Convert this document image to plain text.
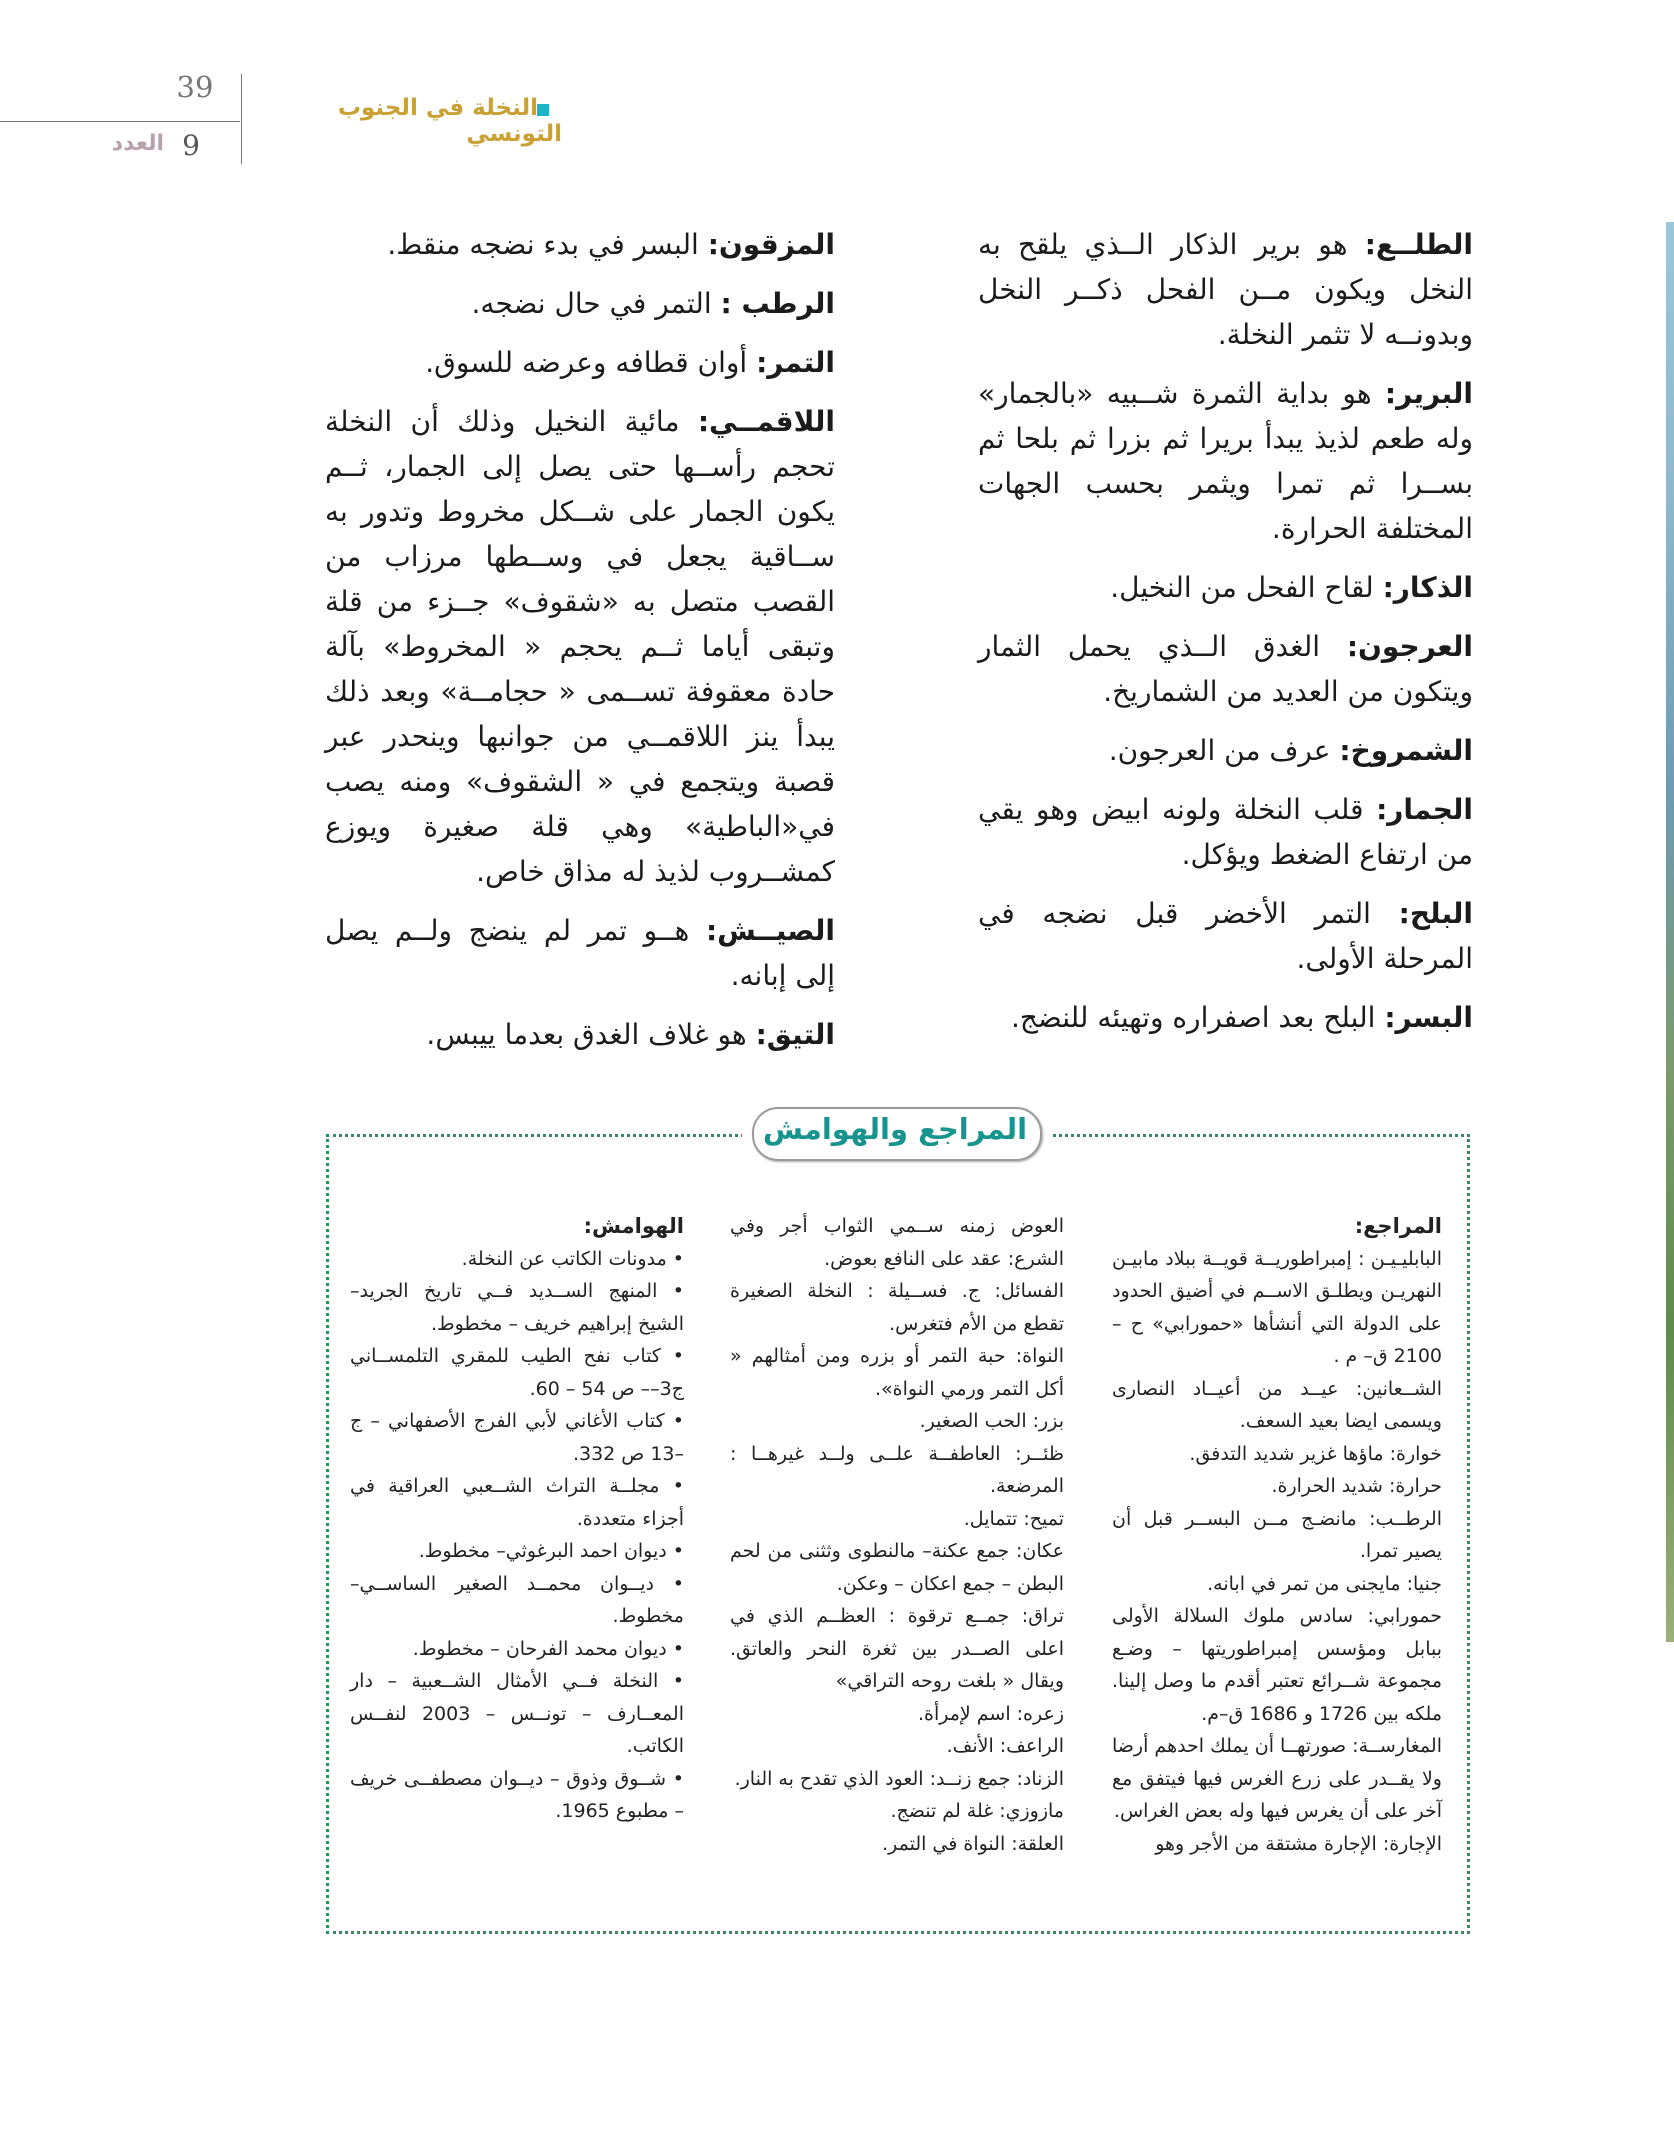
39
9
العدد
النخلة في الجنوب التونسي

الطلــع: هو برير الذكار الــذي يلقح به النخل ويكون مــن الفحل ذكــر النخل وبدونــه لا تثمر النخلة.

البرير: هو بداية الثمرة شــبيه «بالجمار» وله طعم لذيذ يبدأ بريرا ثم بزرا ثم بلحا ثم بســرا ثم تمرا ويثمر بحسب الجهات المختلفة الحرارة.

الذكار: لقاح الفحل من النخيل.

العرجون: الغدق الــذي يحمل الثمار ويتكون من العديد من الشماريخ.

الشمروخ: عرف من العرجون.

الجمار: قلب النخلة ولونه ابيض وهو يقي من ارتفاع الضغط ويؤكل.

البلح: التمر الأخضر قبل نضجه في المرحلة الأولى.

البسر: البلح بعد اصفراره وتهيئه للنضج.

المزقون: البسر في بدء نضجه منقط.

الرطب : التمر في حال نضجه.

التمر: أوان قطافه وعرضه للسوق.

اللاقمــي: مائية النخيل وذلك أن النخلة تحجم رأســها حتى يصل إلى الجمار، ثــم يكون الجمار على شــكل مخروط وتدور به ســاقية يجعل في وســطها مرزاب من القصب متصل به «شقوف» جــزء من قلة وتبقى أياما ثــم يحجم « المخروط» بآلة حادة معقوفة تســمى « حجامــة» وبعد ذلك يبدأ ينز اللاقمــي من جوانبها وينحدر عبر قصبة ويتجمع في « الشقوف» ومنه يصب في«الباطية» وهي قلة صغيرة ويوزع كمشــروب لذيذ له مذاق خاص.

الصيــش: هــو تمر لم ينضج ولــم يصل إلى إبانه.

التيق: هو غلاف الغدق بعدما ييبس.

المراجع والهوامش

المراجع:

البابليـيـن : إمبراطوريــة قويــة ببلاد مابيـن النهريـن ويطلـق الاســم في أضيق الحدود على الدولة التي أنشأها «حمورابي» ح – 2100 ق– م .

الشــعانين: عيــد من أعيــاد النصارى ويسمى ايضا بعيد السعف.

خوارة: ماؤها غزير شديد التدفق.

حرارة: شديد الحرارة.

الرطــب: مانضـج مــن البســر قبل أن يصير تمرا.

جنيا: مايجنى من تمر في ابانه.

حمورابي: سادس ملوك السلالة الأولى ببابل ومؤسس إمبراطوريتها – وضـع مجموعة شــرائع تعتبر أقدم ما وصل إلينا. ملكه بين 1726 و 1686 ق–م.

المغارســة: صورتهــا أن يملك احدهم أرضا ولا يقــدر على زرع الغرس فيها فيتفق مع آخر على أن يغرس فيها وله بعض الغراس.

الإجارة: الإجارة مشتقة من الأجر وهو

العوض زمنه ســمي الثواب أجر وفي الشرع: عقد على النافع بعوض.

الفسائل: ج. فســيلة : النخلة الصغيرة تقطع من الأم فتغرس.

النواة: حبة التمر أو بزره ومن أمثالهم « أكل التمر ورمي النواة».

بزر: الحب الصغير.

ظئــر: العاطفــة علــى ولــد غيرهــا : المرضعة.

تميح: تتمايل.

عكان: جمع عكنة– مالنطوى وثثنى من لحم البطن – جمع اعكان – وعكن.

تراق: جمــع ترقوة : العظــم الذي في اعلى الصــدر بين ثغرة النحر والعاتق. ويقال « بلغت روحه التراقي»

زعره: اسم لإمرأة.

الراعف: الأنف.

الزناد: جمع زنــد: العود الذي تقدح به النار.

مازوزي: غلة لم تنضج.

العلقة: النواة في التمر.

الهوامش:

• مدونات الكاتب عن النخلة.

• المنهج الســديد فــي تاريخ الجريد– الشيخ إبراهيم خريف – مخطوط.

• كتاب نفح الطيب للمقري التلمســاني ج3–– ص 54 – 60.

• كتاب الأغاني لأبي الفرج الأصفهاني – ج –13 ص 332.

• مجلــة التراث الشــعبي العراقية في أجزاء متعددة.

• ديوان احمد البرغوثي– مخطوط.

• ديــوان محمــد الصغير الساســي– مخطوط.

• ديوان محمد الفرحان – مخطوط.

• النخلة فــي الأمثال الشــعبية – دار المعــارف – تونــس – 2003 لنفــس الكاتب.

• شــوق وذوق – ديــوان مصطفــى خريف – مطبوع 1965.
